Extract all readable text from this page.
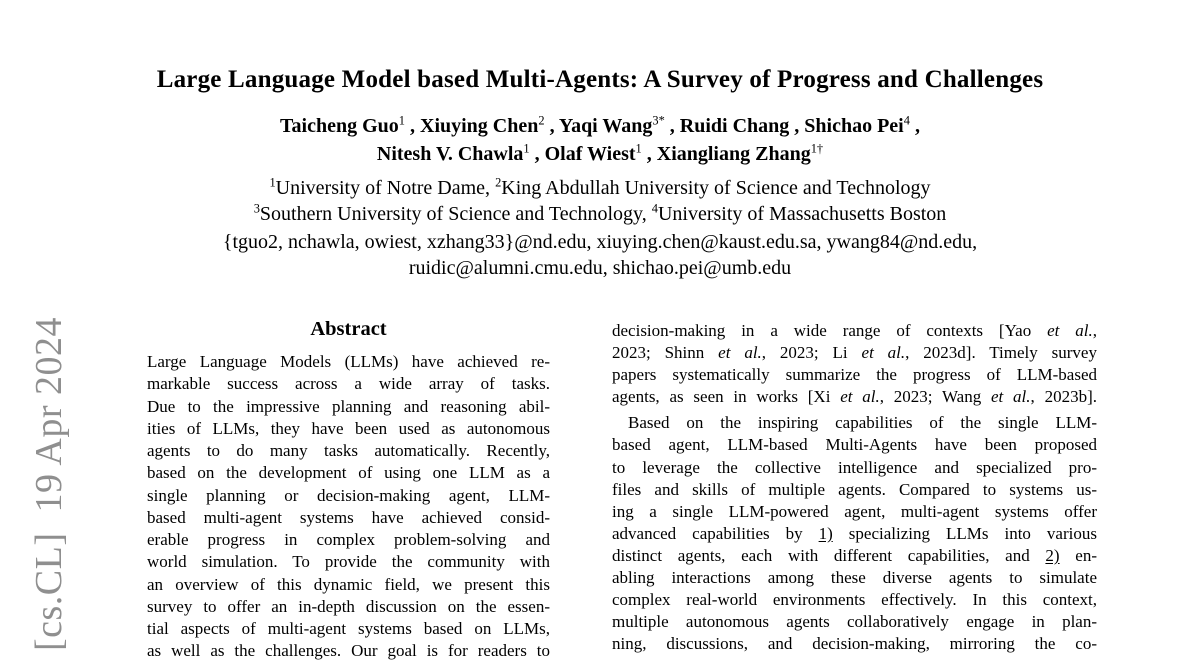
[cs.CL]  19 Apr 2024
Large Language Model based Multi-Agents: A Survey of Progress and Challenges
Taicheng Guo$^1$ , Xiuying Chen$^2$ , Yaqi Wang$^{3*}$ , Ruidi Chang , Shichao Pei$^4$ ,
Nitesh V. Chawla$^1$ , Olaf Wiest$^1$ , Xiangliang Zhang$^{1\dagger}$
$^1$University of Notre Dame, $^2$King Abdullah University of Science and Technology
$^3$Southern University of Science and Technology, $^4$University of Massachusetts Boston
{tguo2, nchawla, owiest, xzhang33}@nd.edu, xiuying.chen@kaust.edu.sa, ywang84@nd.edu,
ruidic@alumni.cmu.edu, shichao.pei@umb.edu
Abstract
Large Language Models (LLMs) have achieved re-
markable success across a wide array of tasks.
Due to the impressive planning and reasoning abil-
ities of LLMs, they have been used as autonomous
agents to do many tasks automatically. Recently,
based on the development of using one LLM as a
single planning or decision-making agent, LLM-
based multi-agent systems have achieved consid-
erable progress in complex problem-solving and
world simulation. To provide the community with
an overview of this dynamic field, we present this
survey to offer an in-depth discussion on the essen-
tial aspects of multi-agent systems based on LLMs,
as well as the challenges. Our goal is for readers to
decision-making in a wide range of contexts [Yao et al.,
2023; Shinn et al., 2023; Li et al., 2023d]. Timely survey
papers systematically summarize the progress of LLM-based
agents, as seen in works [Xi et al., 2023; Wang et al., 2023b].
Based on the inspiring capabilities of the single LLM-
based agent, LLM-based Multi-Agents have been proposed
to leverage the collective intelligence and specialized pro-
files and skills of multiple agents. Compared to systems us-
ing a single LLM-powered agent, multi-agent systems offer
advanced capabilities by 1) specializing LLMs into various
distinct agents, each with different capabilities, and 2) en-
abling interactions among these diverse agents to simulate
complex real-world environments effectively. In this context,
multiple autonomous agents collaboratively engage in plan-
ning, discussions, and decision-making, mirroring the co-
